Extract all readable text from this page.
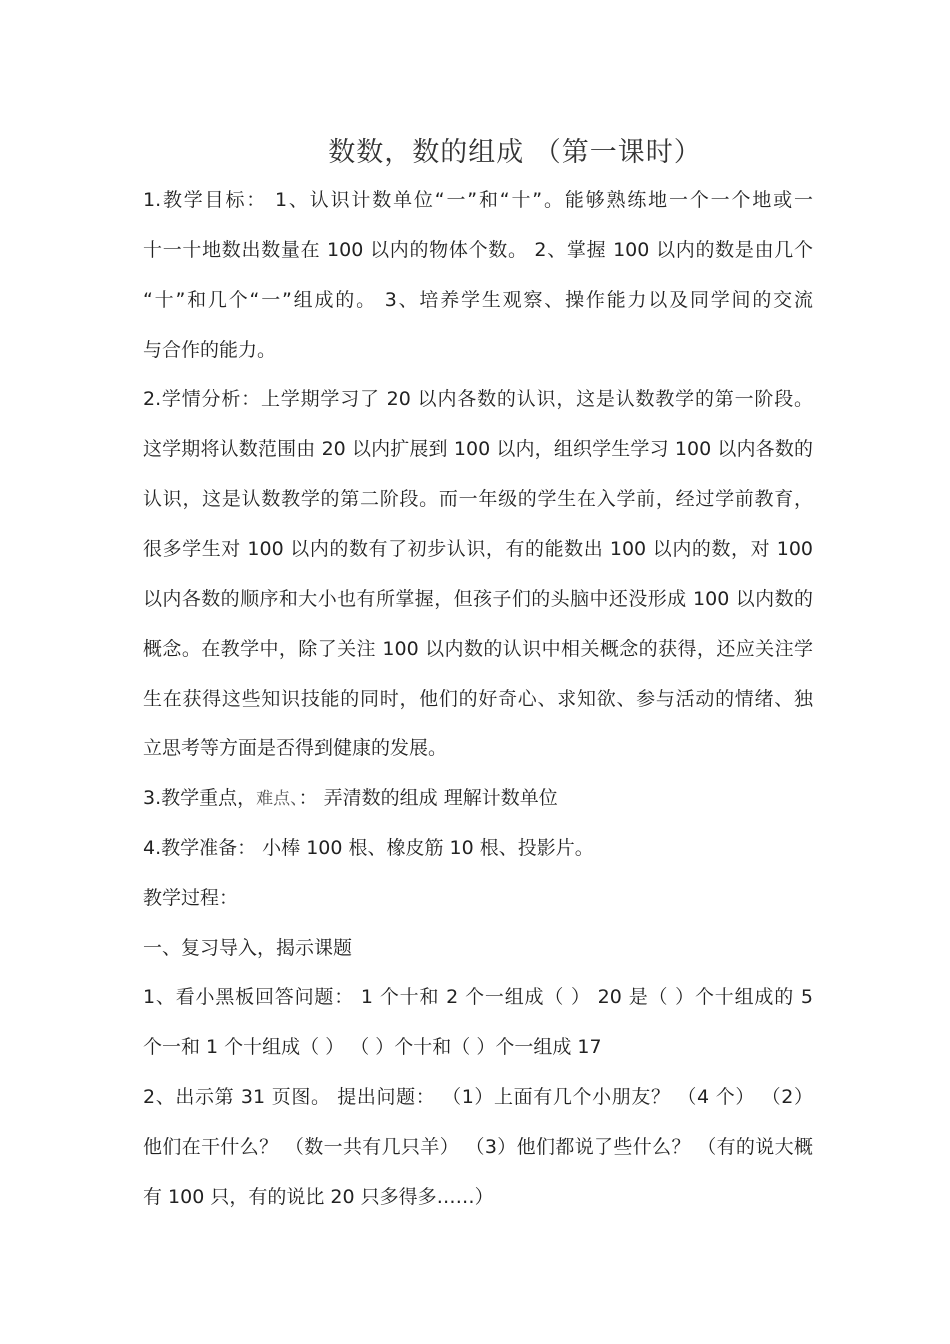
数数，数的组成 （第一课时）
1.教学目标： 1、认识计数单位“一”和“十”。能够熟练地一个一个地或一
十一十地数出数量在 100 以内的物体个数。 2、掌握 100 以内的数是由几个
“十”和几个“一”组成的。 3、培养学生观察、操作能力以及同学间的交流
与合作的能力。
2.学情分析：上学期学习了 20 以内各数的认识，这是认数教学的第一阶段。
这学期将认数范围由 20 以内扩展到 100 以内，组织学生学习 100 以内各数的
认识，这是认数教学的第二阶段。而一年级的学生在入学前，经过学前教育，
很多学生对 100 以内的数有了初步认识，有的能数出 100 以内的数，对 100
以内各数的顺序和大小也有所掌握，但孩子们的头脑中还没形成 100 以内数的
概念。在教学中，除了关注 100 以内数的认识中相关概念的获得，还应关注学
生在获得这些知识技能的同时，他们的好奇心、求知欲、参与活动的情绪、独
立思考等方面是否得到健康的发展。
3.教学重点，难点、： 弄清数的组成 理解计数单位
4.教学准备： 小棒 100 根、橡皮筋 10 根、投影片。
教学过程：
一、复习导入，揭示课题
1、看小黑板回答问题： 1 个十和 2 个一组成（ ） 20 是（ ）个十组成的 5
个一和 1 个十组成（ ） （ ）个十和（ ）个一组成 17
2、出示第 31 页图。 提出问题： （1）上面有几个小朋友？ （4 个） （2）
他们在干什么？ （数一共有几只羊） （3）他们都说了些什么？ （有的说大概
有 100 只，有的说比 20 只多得多……）
